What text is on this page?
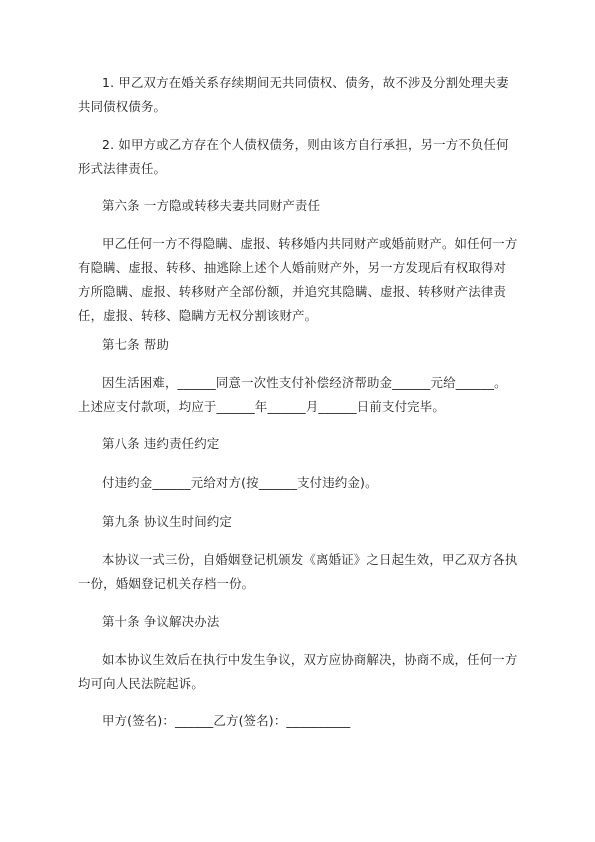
1. 甲乙双方在婚关系存续期间无共同债权、债务，故不涉及分割处理夫妻共同债权债务。

2. 如甲方或乙方存在个人债权债务，则由该方自行承担，另一方不负任何形式法律责任。

第六条 一方隐或转移夫妻共同财产责任

甲乙任何一方不得隐瞒、虚报、转移婚内共同财产或婚前财产。如任何一方有隐瞒、虚报、转移、抽逃除上述个人婚前财产外，另一方发现后有权取得对方所隐瞒、虚报、转移财产全部份额，并追究其隐瞒、虚报、转移财产法律责任，虚报、转移、隐瞒方无权分割该财产。

第七条 帮助

因生活困难，______同意一次性支付补偿经济帮助金______元给______。上述应支付款项，均应于______年______月______日前支付完毕。

第八条 违约责任约定

付违约金______元给对方(按______支付违约金)。

第九条 协议生时间约定

本协议一式三份，自婚姻登记机颁发《离婚证》之日起生效，甲乙双方各执一份，婚姻登记机关存档一份。

第十条 争议解决办法

如本协议生效后在执行中发生争议，双方应协商解决，协商不成，任何一方均可向人民法院起诉。

甲方(签名)：______乙方(签名)：__________
